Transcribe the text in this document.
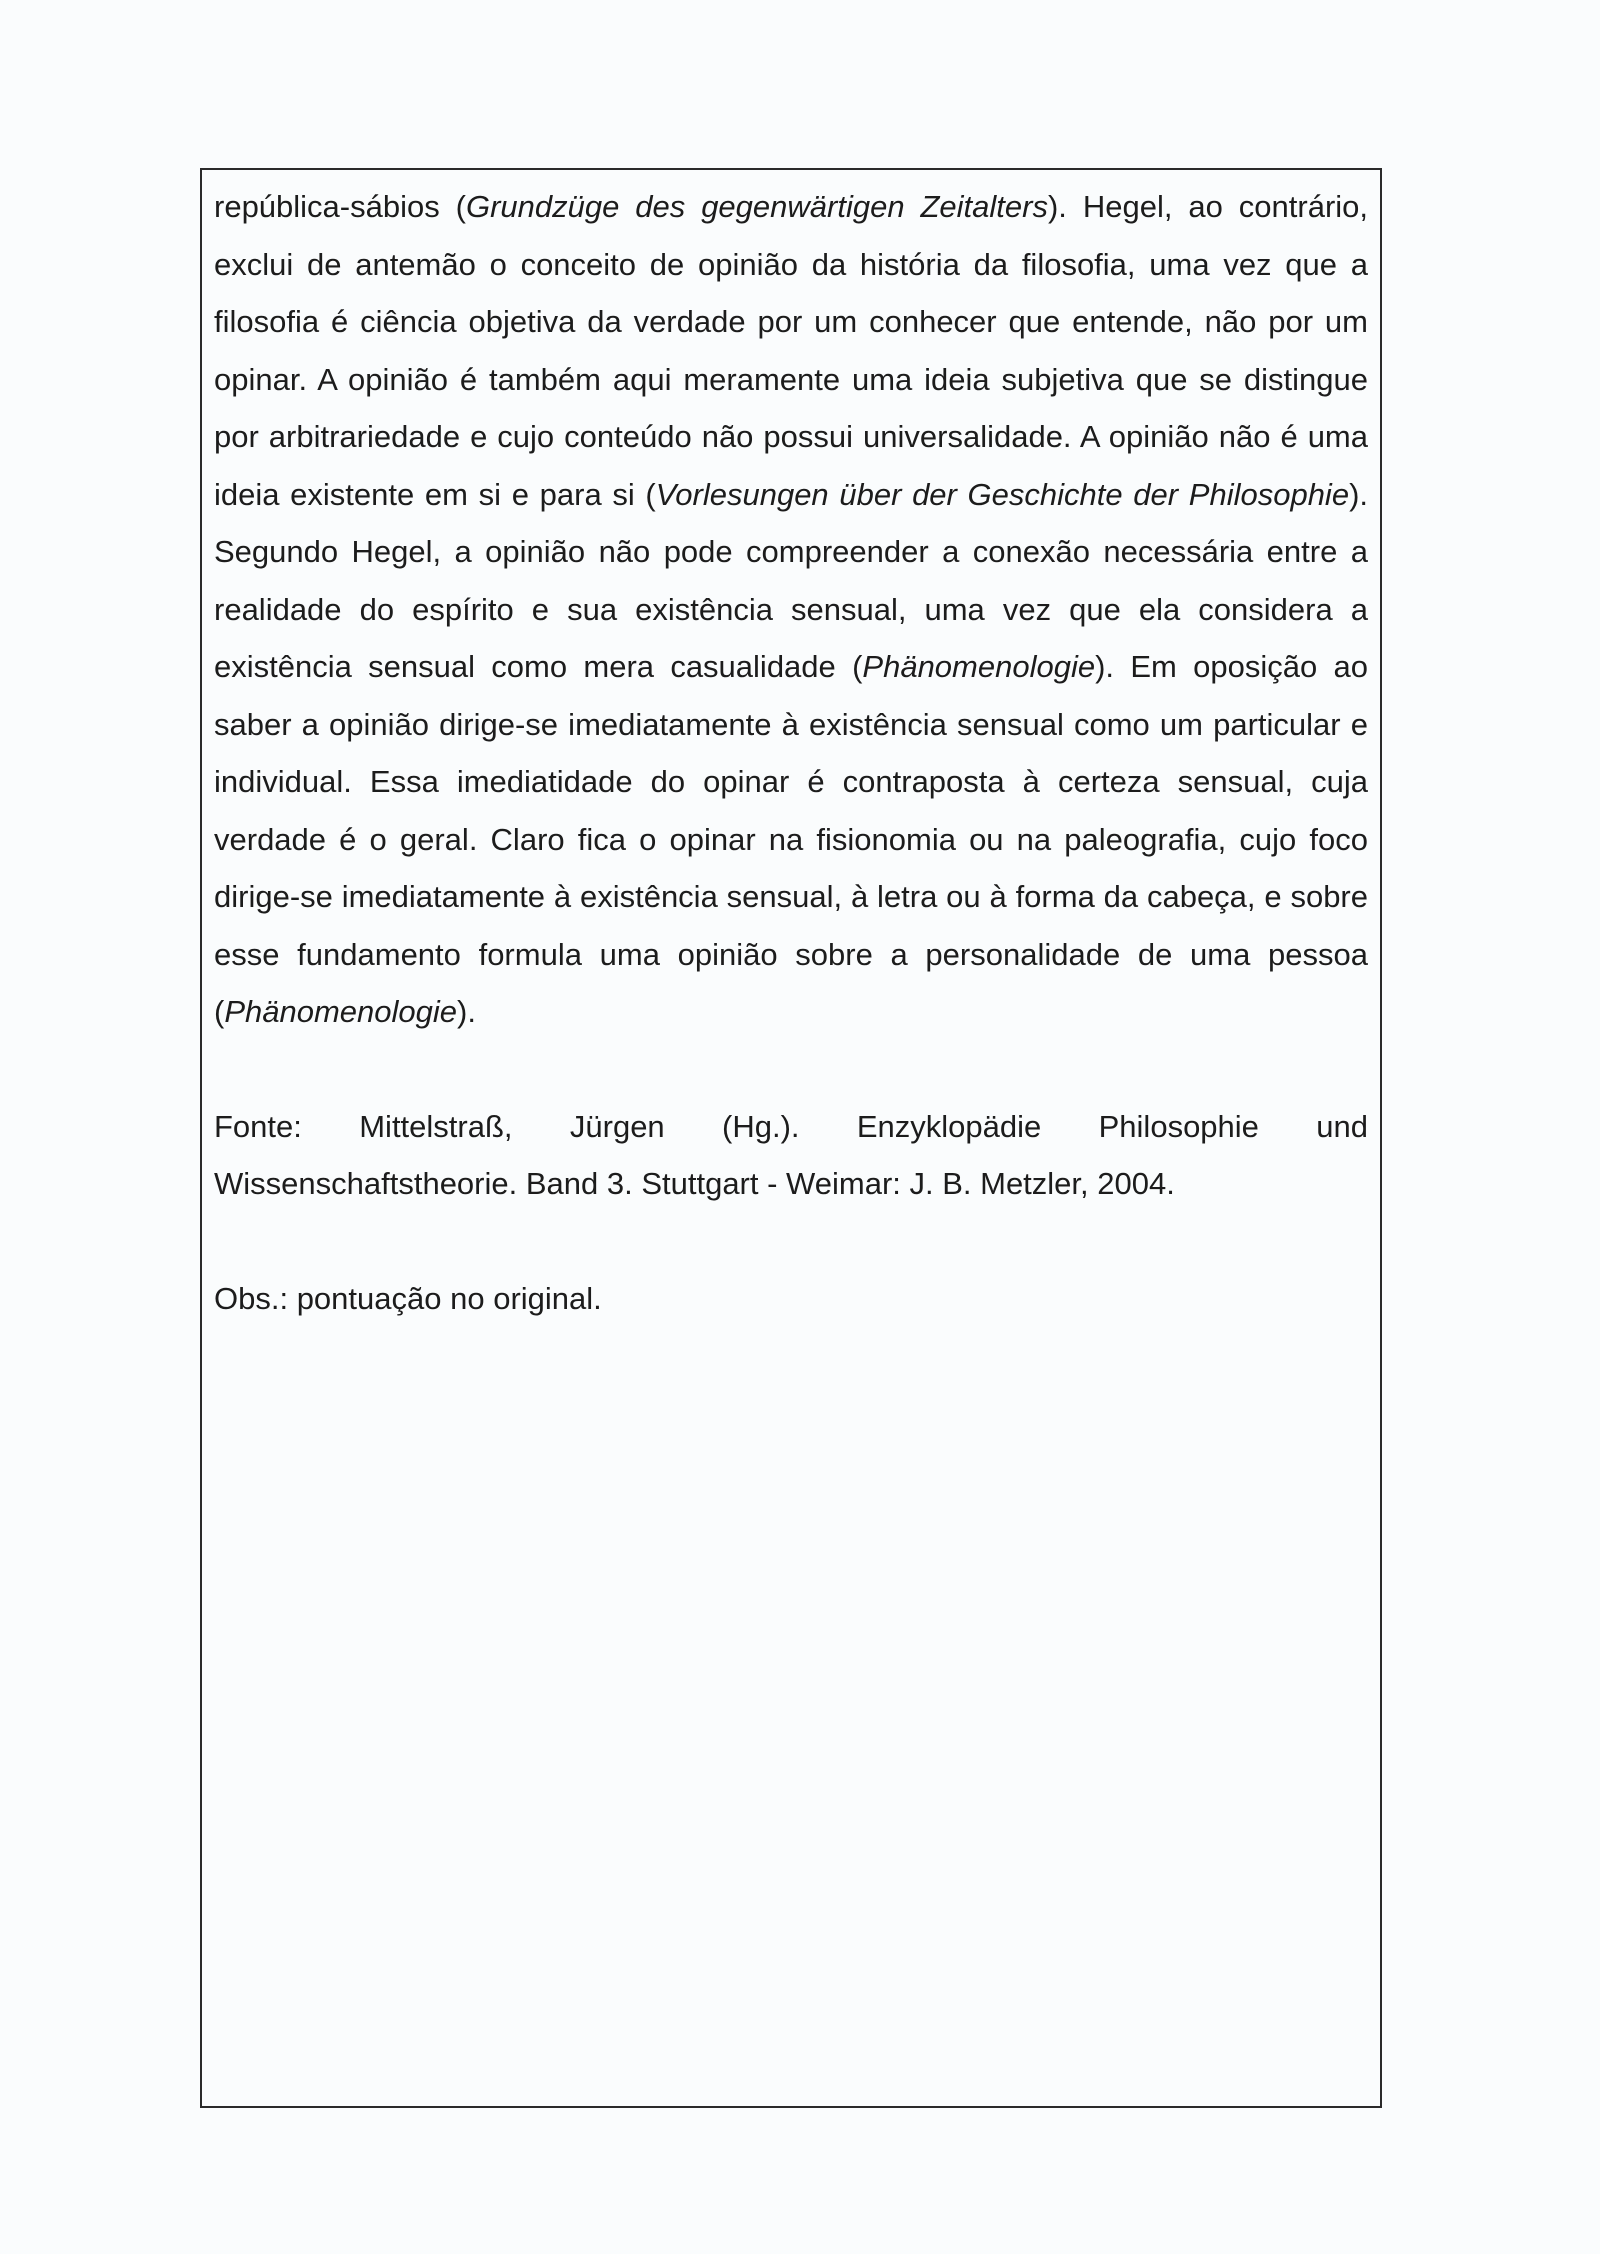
república-sábios (Grundzüge des gegenwärtigen Zeitalters). Hegel, ao contrário, exclui de antemão o conceito de opinião da história da filosofia, uma vez que a filosofia é ciência objetiva da verdade por um conhecer que entende, não por um opinar. A opinião é também aqui meramente uma ideia subjetiva que se distingue por arbitrariedade e cujo conteúdo não possui universalidade. A opinião não é uma ideia existente em si e para si (Vorlesungen über der Geschichte der Philosophie). Segundo Hegel, a opinião não pode compreender a conexão necessária entre a realidade do espírito e sua existência sensual, uma vez que ela considera a existência sensual como mera casualidade (Phänomenologie). Em oposição ao saber a opinião dirige-se imediatamente à existência sensual como um particular e individual. Essa imediatidade do opinar é contraposta à certeza sensual, cuja verdade é o geral. Claro fica o opinar na fisionomia ou na paleografia, cujo foco dirige-se imediatamente à existência sensual, à letra ou à forma da cabeça, e sobre esse fundamento formula uma opinião sobre a personalidade de uma pessoa (Phänomenologie).

Fonte: Mittelstraß, Jürgen (Hg.). Enzyklopädie Philosophie und Wissenschaftstheorie. Band 3. Stuttgart - Weimar: J. B. Metzler, 2004.

Obs.: pontuação no original.
